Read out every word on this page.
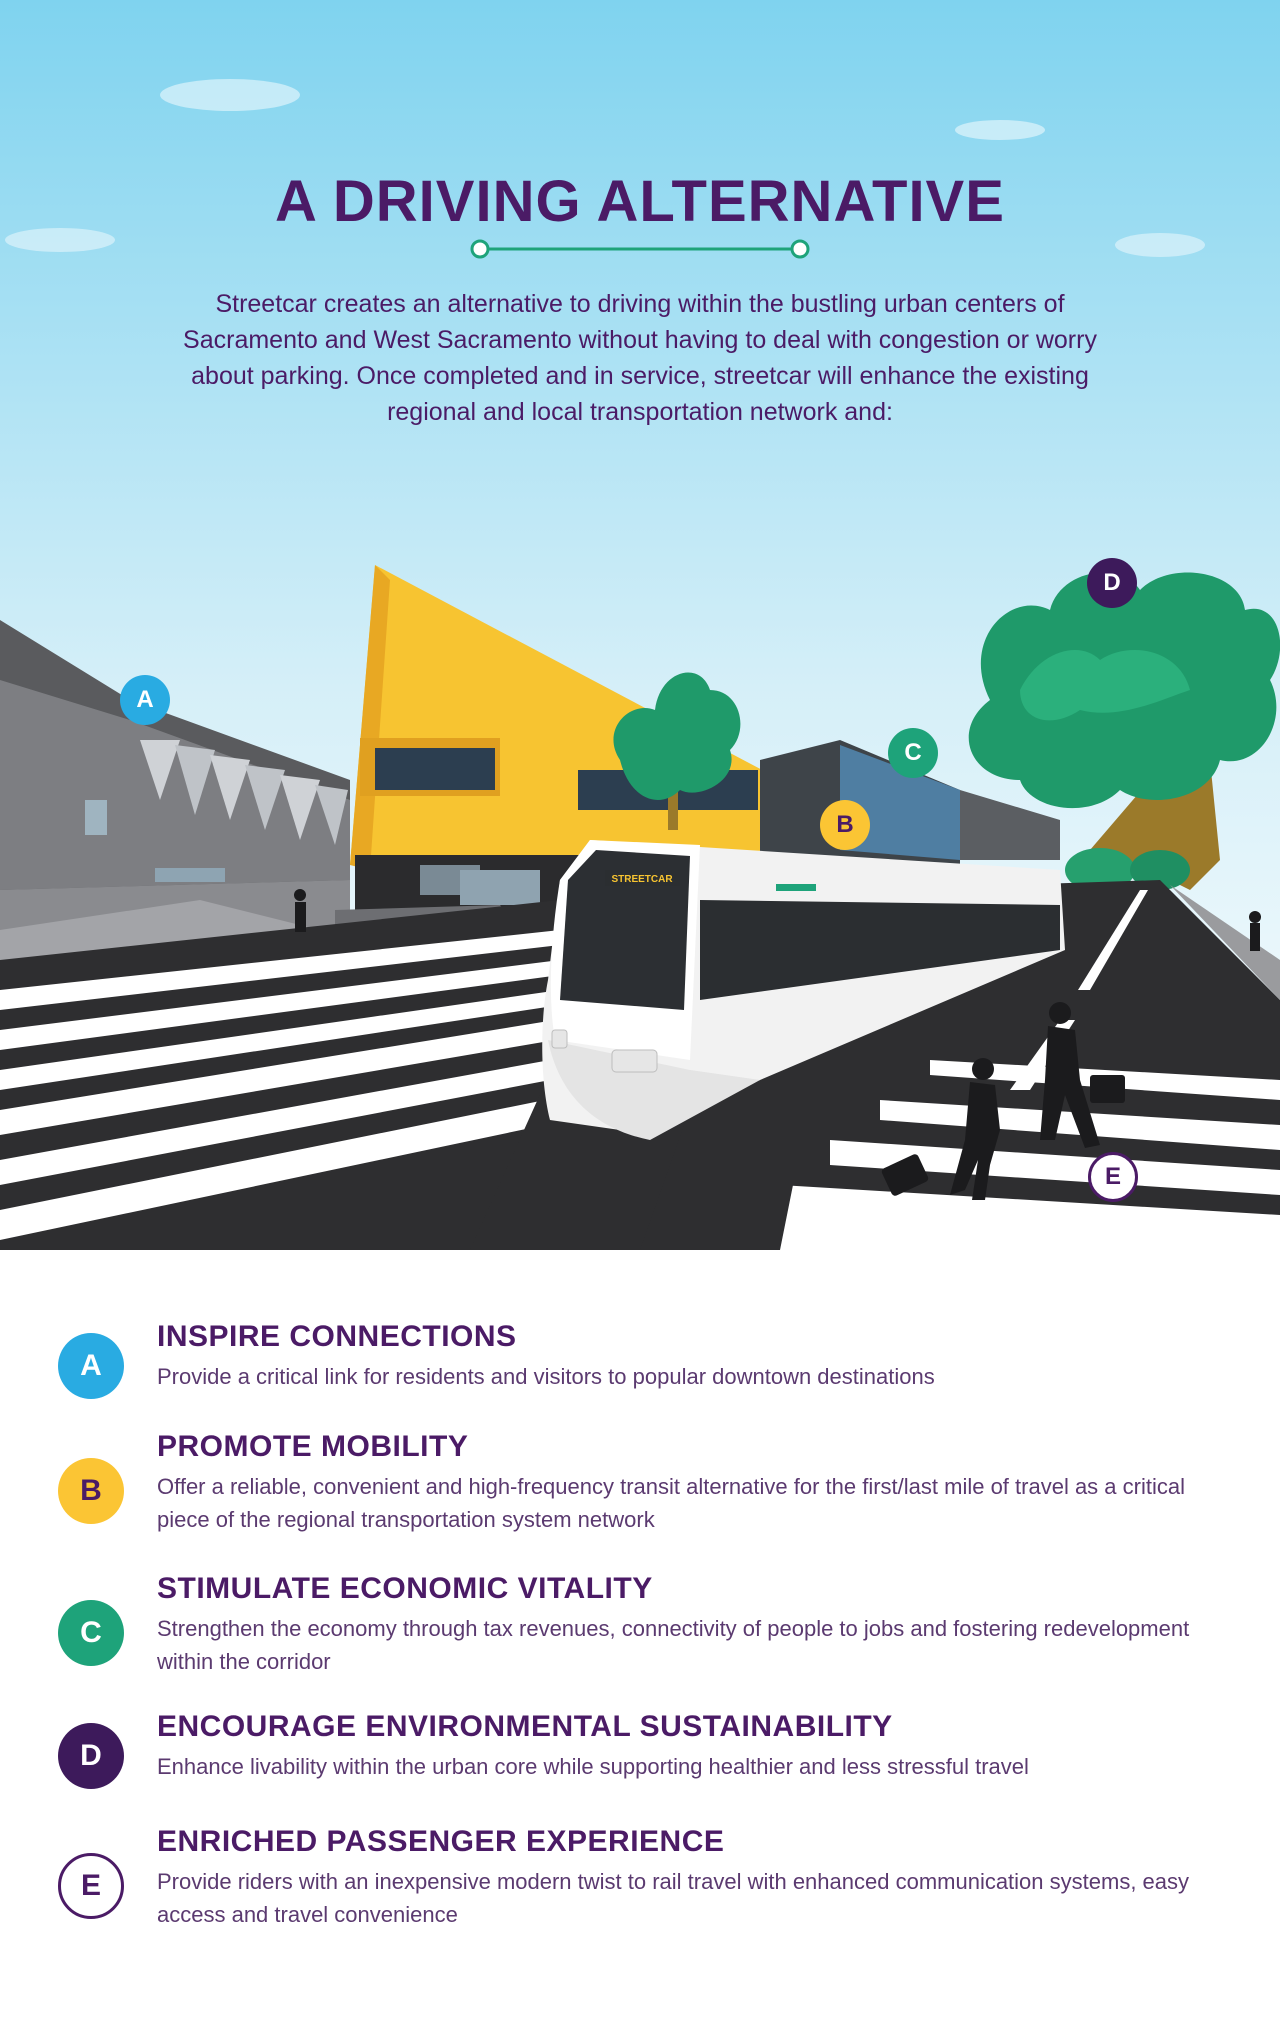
STREETCAR
A DRIVING ALTERNATIVE

Streetcar creates an alternative to driving within the bustling urban centers of Sacramento and West Sacramento without having to deal with congestion or worry about parking. Once completed and in service, streetcar will enhance the existing regional and local transportation network and:

A
B
C
D
E
A

INSPIRE CONNECTIONS

Provide a critical link for residents and visitors to popular downtown destinations

B

PROMOTE MOBILITY

Offer a reliable, convenient and high-frequency transit alternative for the first/last mile of travel as a critical piece of the regional transportation system network

C

STIMULATE ECONOMIC VITALITY

Strengthen the economy through tax revenues, connectivity of people to jobs and fostering redevelopment within the corridor

D

ENCOURAGE ENVIRONMENTAL SUSTAINABILITY

Enhance livability within the urban core while supporting healthier and less stressful travel

E

ENRICHED PASSENGER EXPERIENCE

Provide riders with an inexpensive modern twist to rail travel with enhanced communication systems, easy access and travel convenience
